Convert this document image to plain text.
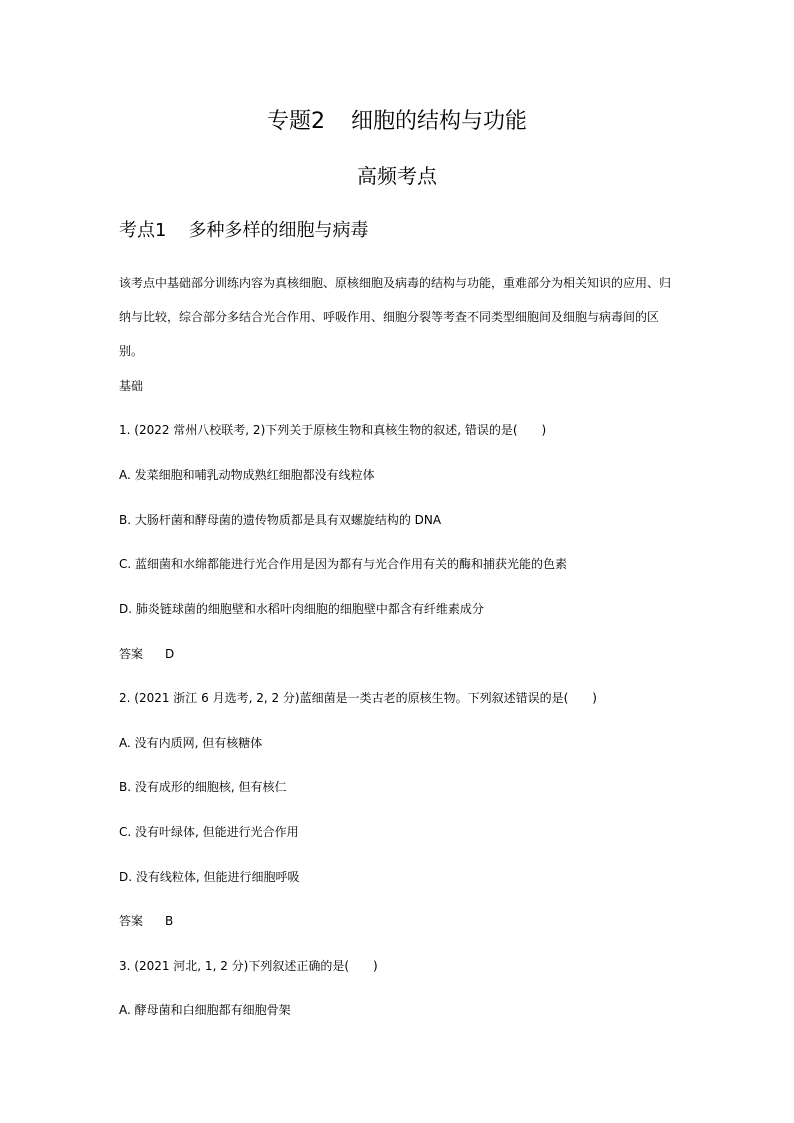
专题2 细胞的结构与功能
高频考点
考点1 多种多样的细胞与病毒
该考点中基础部分训练内容为真核细胞、原核细胞及病毒的结构与功能，重难部分为相关知识的应用、归纳与比较，综合部分多结合光合作用、呼吸作用、细胞分裂等考查不同类型细胞间及细胞与病毒间的区别。
基础
1. (2022 常州八校联考, 2)下列关于原核生物和真核生物的叙述, 错误的是(　　)
A. 发菜细胞和哺乳动物成熟红细胞都没有线粒体
B. 大肠杆菌和酵母菌的遗传物质都是具有双螺旋结构的 DNA
C. 蓝细菌和水绵都能进行光合作用是因为都有与光合作用有关的酶和捕获光能的色素
D. 肺炎链球菌的细胞壁和水稻叶肉细胞的细胞壁中都含有纤维素成分
答案 D
2. (2021 浙江 6 月选考, 2, 2 分)蓝细菌是一类古老的原核生物。下列叙述错误的是(　　)
A. 没有内质网, 但有核糖体
B. 没有成形的细胞核, 但有核仁
C. 没有叶绿体, 但能进行光合作用
D. 没有线粒体, 但能进行细胞呼吸
答案 B
3. (2021 河北, 1, 2 分)下列叙述正确的是(　　)
A. 酵母菌和白细胞都有细胞骨架
